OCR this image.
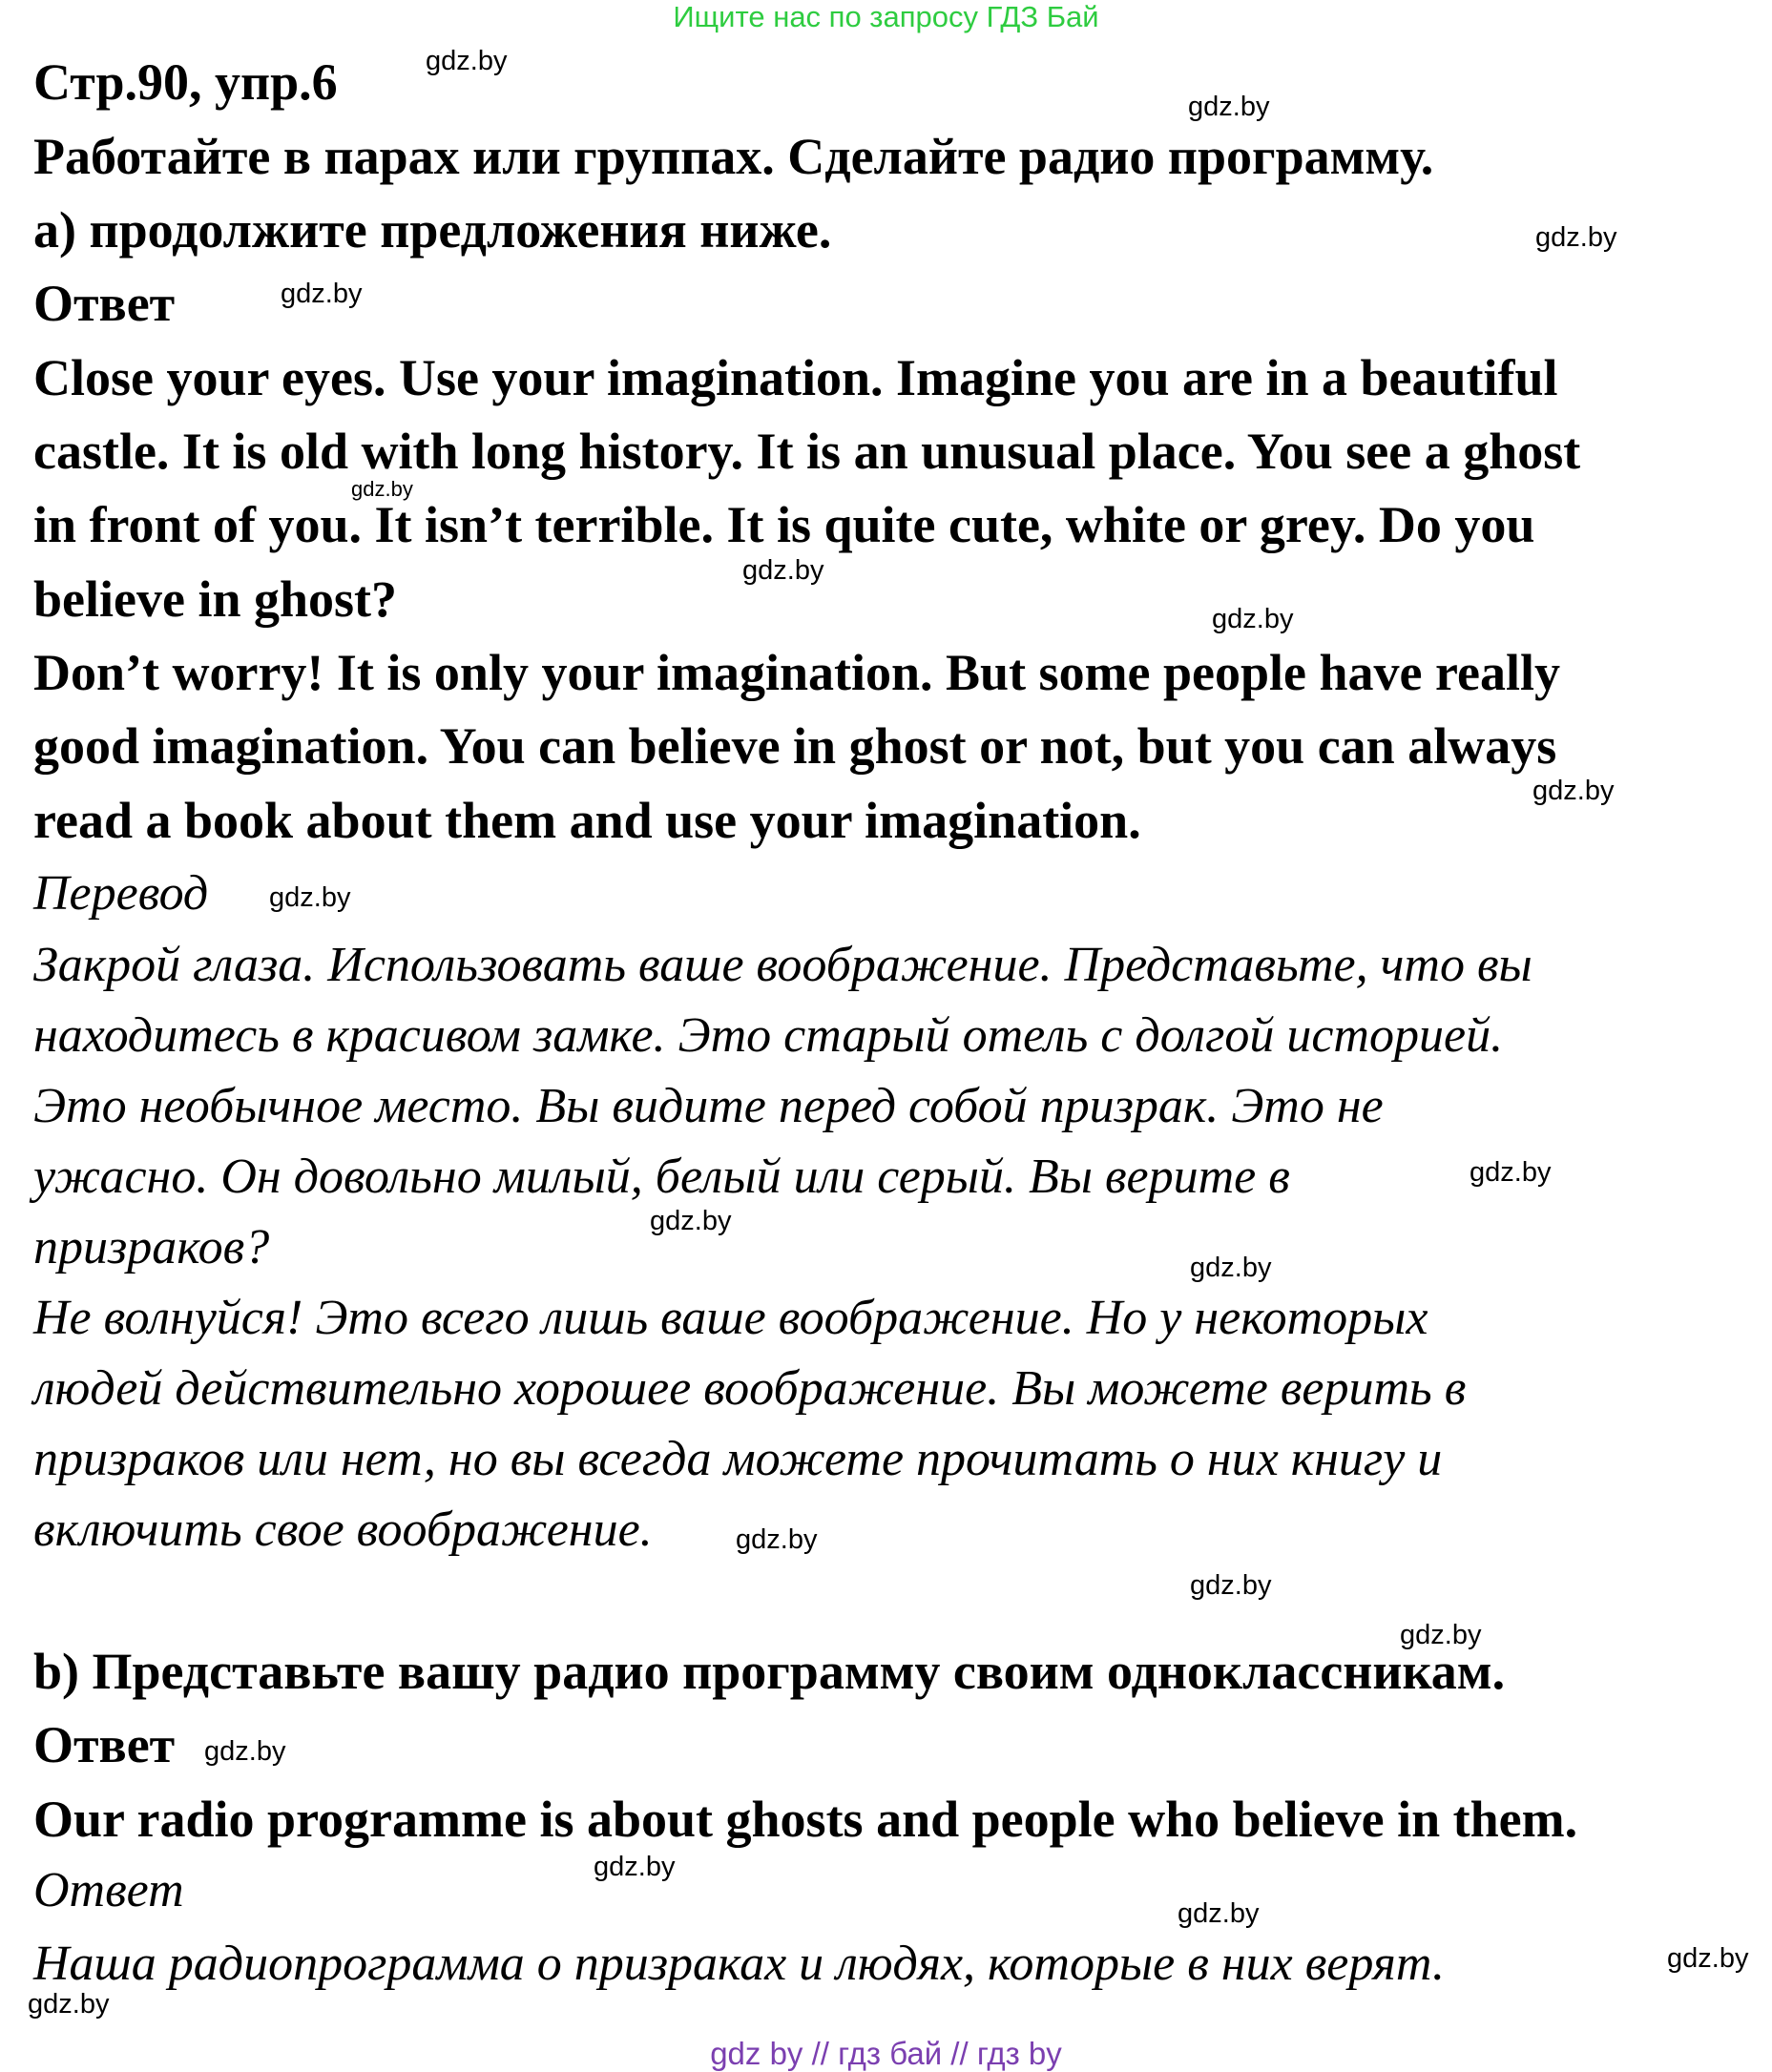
Ищите нас по запросу ГДЗ Бай
Стр.90, упр.6
Работайте в парах или группах. Сделайте радио программу.
а) продолжите предложения ниже.
Ответ
Close your eyes. Use your imagination. Imagine you are in a beautiful
castle. It is old with long history. It is an unusual place. You see a ghost
in front of you. It isn’t terrible. It is quite cute, white or grey. Do you
believe in ghost?
Don’t worry! It is only your imagination. But some people have really
good imagination. You can believe in ghost or not, but you can always
read a book about them and use your imagination.
Перевод
Закрой глаза. Использовать ваше воображение. Представьте, что вы
находитесь в красивом замке. Это старый отель с долгой историей.
Это необычное место. Вы видите перед собой призрак. Это не
ужасно. Он довольно милый, белый или серый. Вы верите в
призраков?
Не волнуйся! Это всего лишь ваше воображение. Но у некоторых
людей действительно хорошее воображение. Вы можете верить в
призраков или нет, но вы всегда можете прочитать о них книгу и
включить свое воображение.
b) Представьте вашу радио программу своим одноклассникам.
Ответ
Our radio programme is about ghosts and people who believe in them.
Ответ
Наша радиопрограмма о призраках и людях, которые в них верят.
gdz.by
gdz.by
gdz.by
gdz.by
gdz.by
gdz.by
gdz.by
gdz.by
gdz.by
gdz.by
gdz.by
gdz.by
gdz.by
gdz.by
gdz.by
gdz.by
gdz.by
gdz.by
gdz.by
gdz.by
gdz by // гдз бай // гдз by
